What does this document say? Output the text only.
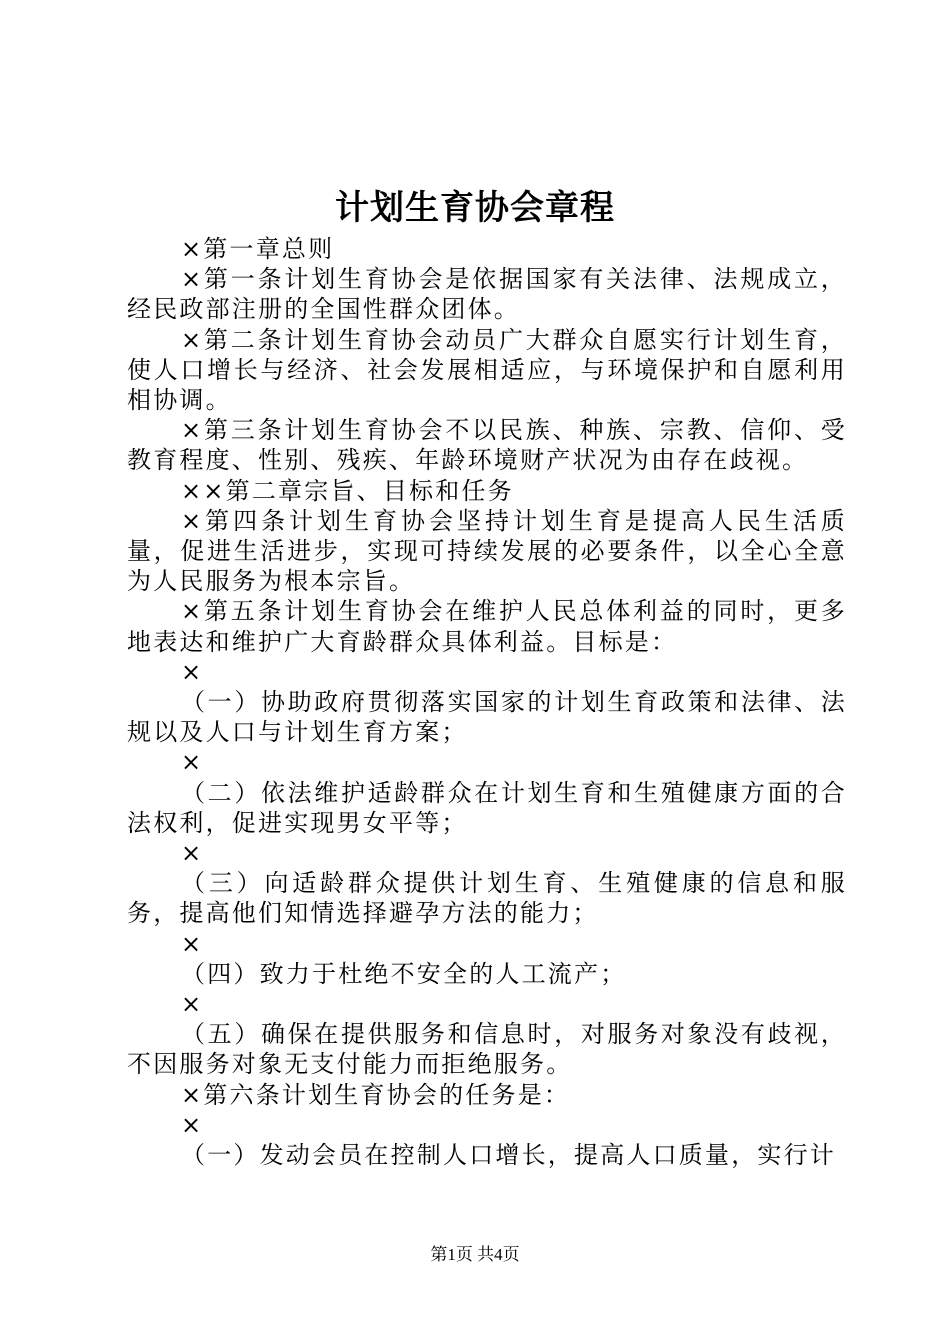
计划生育协会章程

×第一章总则

×第一条计划生育协会是依据国家有关法律、法规成立，经民政部注册的全国性群众团体。

×第二条计划生育协会动员广大群众自愿实行计划生育，使人口增长与经济、社会发展相适应，与环境保护和自愿利用相协调。

×第三条计划生育协会不以民族、种族、宗教、信仰、受教育程度、性别、残疾、年龄环境财产状况为由存在歧视。

××第二章宗旨、目标和任务

×第四条计划生育协会坚持计划生育是提高人民生活质量，促进生活进步，实现可持续发展的必要条件，以全心全意为人民服务为根本宗旨。

×第五条计划生育协会在维护人民总体利益的同时，更多地表达和维护广大育龄群众具体利益。目标是：

×

（一）协助政府贯彻落实国家的计划生育政策和法律、法规以及人口与计划生育方案；

×

（二）依法维护适龄群众在计划生育和生殖健康方面的合法权利，促进实现男女平等；

×

（三）向适龄群众提供计划生育、生殖健康的信息和服务，提高他们知情选择避孕方法的能力；

×

（四）致力于杜绝不安全的人工流产；

×

（五）确保在提供服务和信息时，对服务对象没有歧视，不因服务对象无支付能力而拒绝服务。

×第六条计划生育协会的任务是：

×

（一）发动会员在控制人口增长，提高人口质量，实行计

第1页 共4页
